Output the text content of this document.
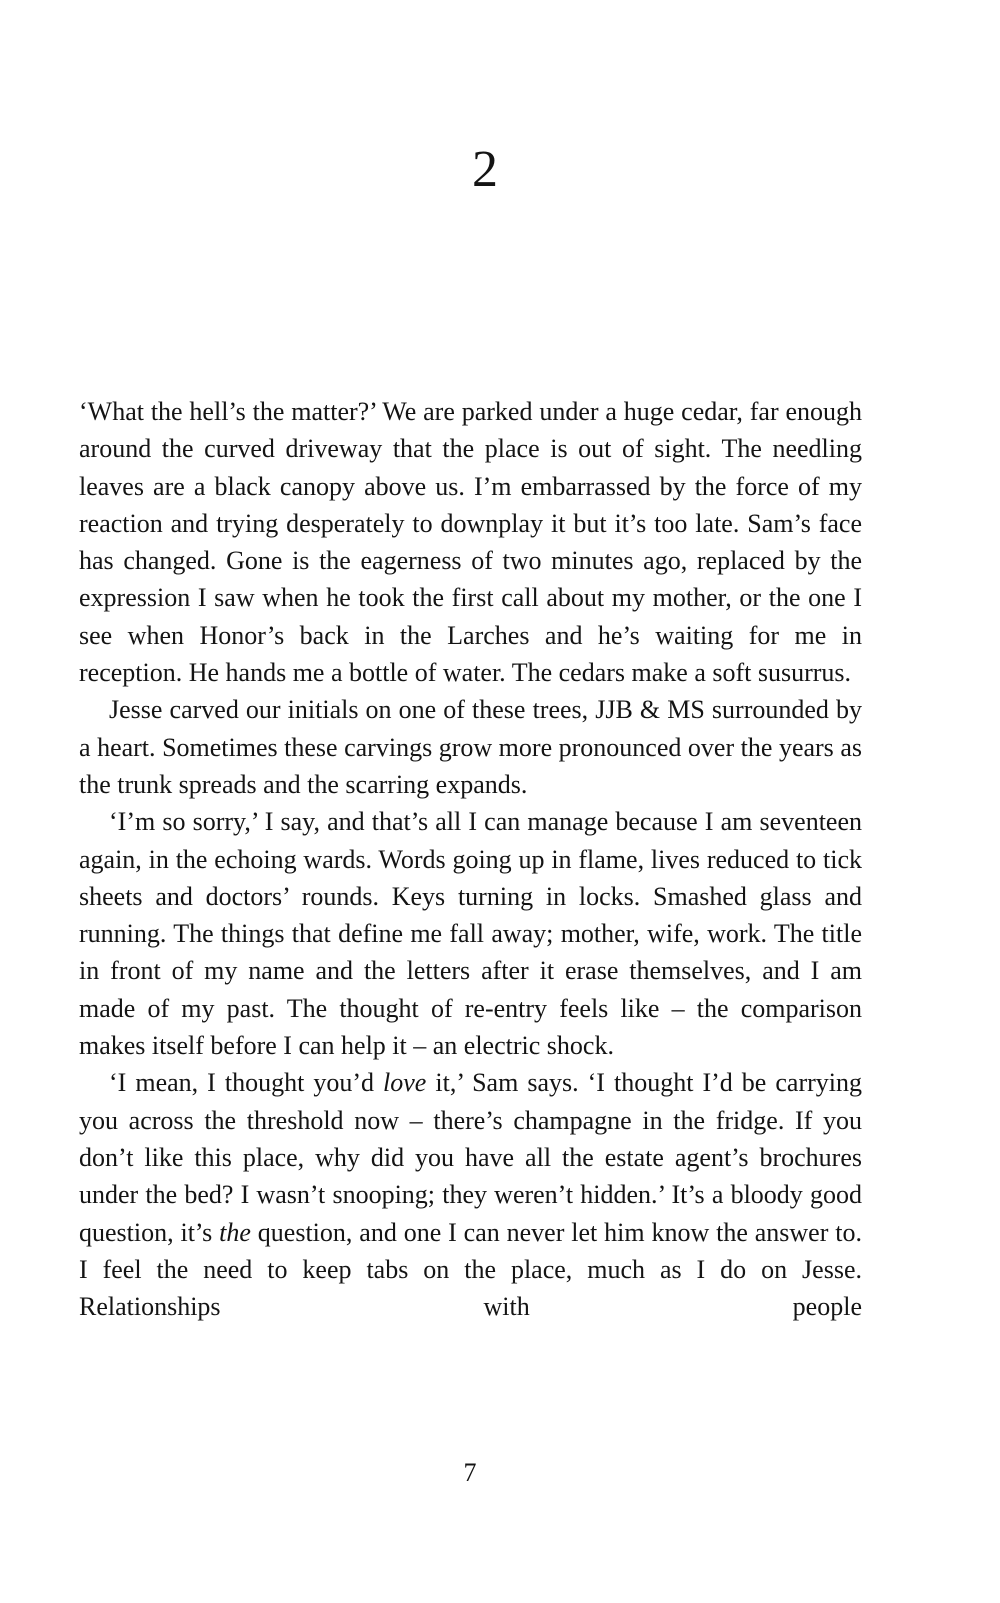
2

‘What the hell’s the matter?’ We are parked under a huge cedar, far enough around the curved driveway that the place is out of sight. The needling leaves are a black canopy above us. I’m embarrassed by the force of my reaction and trying desperately to downplay it but it’s too late. Sam’s face has changed. Gone is the eagerness of two minutes ago, replaced by the expression I saw when he took the first call about my mother, or the one I see when Honor’s back in the Larches and he’s waiting for me in reception. He hands me a bottle of water. The cedars make a soft susurrus.

Jesse carved our initials on one of these trees, JJB & MS surrounded by a heart. Sometimes these carvings grow more pronounced over the years as the trunk spreads and the scarring expands.

‘I’m so sorry,’ I say, and that’s all I can manage because I am seventeen again, in the echoing wards. Words going up in flame, lives reduced to tick sheets and doctors’ rounds. Keys turning in locks. Smashed glass and running. The things that define me fall away; mother, wife, work. The title in front of my name and the letters after it erase themselves, and I am made of my past. The thought of re-entry feels like – the comparison makes itself before I can help it – an electric shock.

‘I mean, I thought you’d love it,’ Sam says. ‘I thought I’d be carrying you across the threshold now – there’s champagne in the fridge. If you don’t like this place, why did you have all the estate agent’s brochures under the bed? I wasn’t snooping; they weren’t hidden.’ It’s a bloody good question, it’s the question, and one I can never let him know the answer to. I feel the need to keep tabs on the place, much as I do on Jesse. Relationships with people

7
